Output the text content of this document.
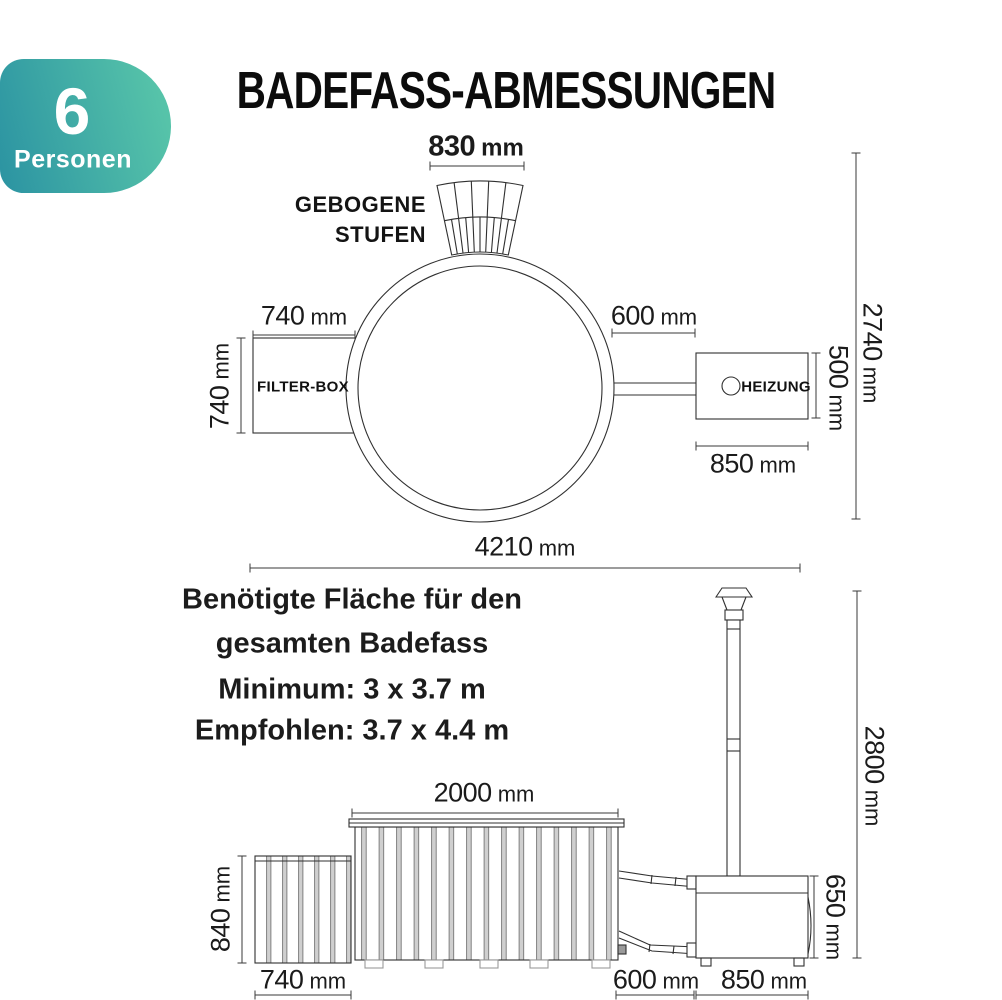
6
Personen
BADEFASS-ABMESSUNGEN
830 mm
GEBOGENE
STUFEN
740 mm
740mm
FILTER-BOX
600 mm
HEIZUNG 500mm
850 mm
2740mm
4210 mm
Benötigte Fläche für den
gesamten Badefass
Minimum: 3 x 3.7 m
Empfohlen: 3.7 x 4.4 m
2000 mm
840mm
740 mm	600 mm 850 mm
650mm
2800mm
